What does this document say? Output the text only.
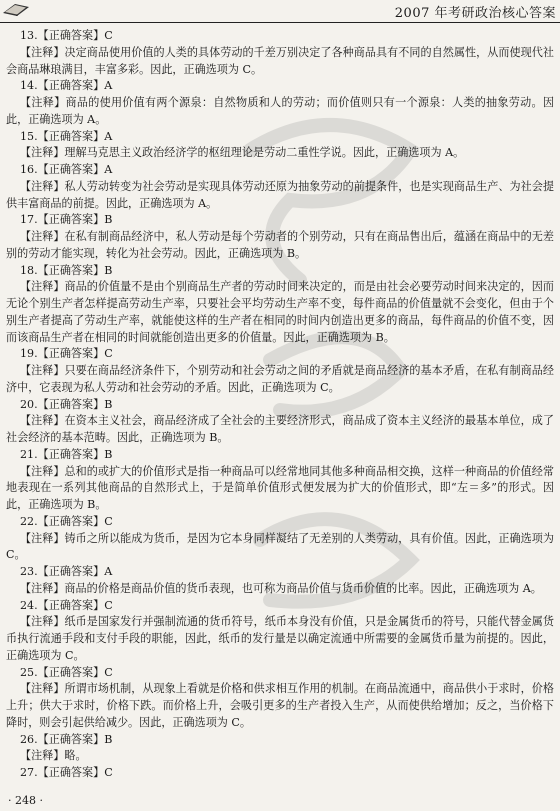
2007 年考研政治核心答案
13.【正确答案】C
【注释】决定商品使用价值的人类的具体劳动的千差万别决定了各种商品具有不同的自然属性，从而使现代社会商品琳琅满目，丰富多彩。因此，正确选项为 C。
14.【正确答案】A
【注释】商品的使用价值有两个源泉：自然物质和人的劳动；而价值则只有一个源泉：人类的抽象劳动。因此，正确选项为 A。
15.【正确答案】A
【注释】理解马克思主义政治经济学的枢纽理论是劳动二重性学说。因此，正确选项为 A。
16.【正确答案】A
【注释】私人劳动转变为社会劳动是实现具体劳动还原为抽象劳动的前提条件，也是实现商品生产、为社会提供丰富商品的前提。因此，正确选项为 A。
17.【正确答案】B
【注释】在私有制商品经济中，私人劳动是每个劳动者的个别劳动，只有在商品售出后，蕴涵在商品中的无差别的劳动才能实现，转化为社会劳动。因此，正确选项为 B。
18.【正确答案】B
【注释】商品的价值量不是由个别商品生产者的劳动时间来决定的，而是由社会必要劳动时间来决定的，因而无论个别生产者怎样提高劳动生产率，只要社会平均劳动生产率不变，每件商品的价值量就不会变化，但由于个别生产者提高了劳动生产率，就能使这样的生产者在相同的时间内创造出更多的商品，每件商品的价值不变，因而该商品生产者在相同的时间就能创造出更多的价值量。因此，正确选项为 B。
19.【正确答案】C
【注释】只要在商品经济条件下，个别劳动和社会劳动之间的矛盾就是商品经济的基本矛盾，在私有制商品经济中，它表现为私人劳动和社会劳动的矛盾。因此，正确选项为 C。
20.【正确答案】B
【注释】在资本主义社会，商品经济成了全社会的主要经济形式，商品成了资本主义经济的最基本单位，成了社会经济的基本范畴。因此，正确选项为 B。
21.【正确答案】B
【注释】总和的或扩大的价值形式是指一种商品可以经常地同其他多种商品相交换，这样一种商品的价值经常地表现在一系列其他商品的自然形式上，于是简单价值形式便发展为扩大的价值形式，即“左＝多”的形式。因此，正确选项为 B。
22.【正确答案】C
【注释】铸币之所以能成为货币，是因为它本身同样凝结了无差别的人类劳动，具有价值。因此，正确选项为 C。
23.【正确答案】A
【注释】商品的价格是商品价值的货币表现，也可称为商品价值与货币价值的比率。因此，正确选项为 A。
24.【正确答案】C
【注释】纸币是国家发行并强制流通的货币符号，纸币本身没有价值，只是金属货币的符号，只能代替金属货币执行流通手段和支付手段的职能，因此，纸币的发行量是以确定流通中所需要的金属货币量为前提的。因此，正确选项为 C。
25.【正确答案】C
【注释】所谓市场机制，从现象上看就是价格和供求相互作用的机制。在商品流通中，商品供小于求时，价格上升；供大于求时，价格下跌。而价格上升，会吸引更多的生产者投入生产，从而使供给增加；反之，当价格下降时，则会引起供给减少。因此，正确选项为 C。
26.【正确答案】B
【注释】略。
27.【正确答案】C
· 248 ·
